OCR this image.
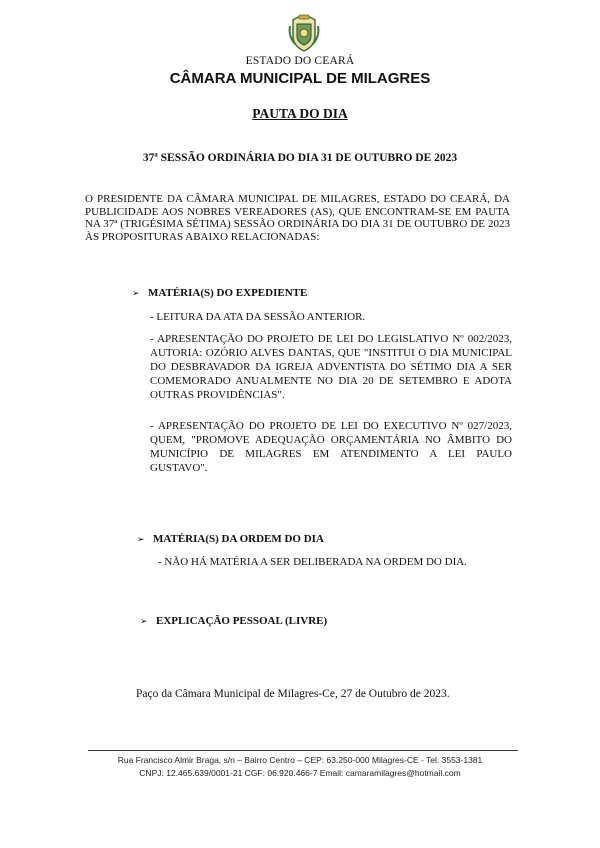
ESTADO DO CEARÁ
CÂMARA MUNICIPAL DE MILAGRES
PAUTA DO DIA
37ª SESSÃO ORDINÁRIA DO DIA 31 DE OUTUBRO DE 2023
O PRESIDENTE DA CÂMARA MUNICIPAL DE MILAGRES, ESTADO DO CEARÁ, DA PUBLICIDADE AOS NOBRES VEREADORES (AS), QUE ENCONTRAM-SE EM PAUTA NA 37ª (TRIGÉSIMA SÉTIMA) SESSÃO ORDINÁRIA DO DIA 31 DE OUTUBRO DE 2023 ÀS PROPOSITURAS ABAIXO RELACIONADAS:
➢ MATÉRIA(S) DO EXPEDIENTE
- LEITURA DA ATA DA SESSÃO ANTERIOR.
- APRESENTAÇÃO DO PROJETO DE LEI DO LEGISLATIVO Nº 002/2023, AUTORIA: OZÓRIO ALVES DANTAS, QUE "INSTITUI O DIA MUNICIPAL DO DESBRAVADOR DA IGREJA ADVENTISTA DO SÉTIMO DIA A SER COMEMORADO ANUALMENTE NO DIA 20 DE SETEMBRO E ADOTA OUTRAS PROVIDÊNCIAS".
- APRESENTAÇÃO DO PROJETO DE LEI DO EXECUTIVO Nº 027/2023, QUEM, "PROMOVE ADEQUAÇÃO ORÇAMENTÁRIA NO ÂMBITO DO MUNICÍPIO DE MILAGRES EM ATENDIMENTO A LEI PAULO GUSTAVO".
➢ MATÉRIA(S) DA ORDEM DO DIA
- NÃO HÁ MATÉRIA A SER DELIBERADA NA ORDEM DO DIA.
➢ EXPLICAÇÃO PESSOAL (LIVRE)
Paço da Câmara Municipal de Milagres-Ce, 27 de Outubro de 2023.
Rua Francisco Almir Braga, s/n – Bairro Centro – CEP: 63.250-000 Milagres-CE - Tel. 3553-1381
CNPJ: 12.465.639/0001-21 CGF: 06.920.466-7 Email: camaramilagres@hotmail.com
